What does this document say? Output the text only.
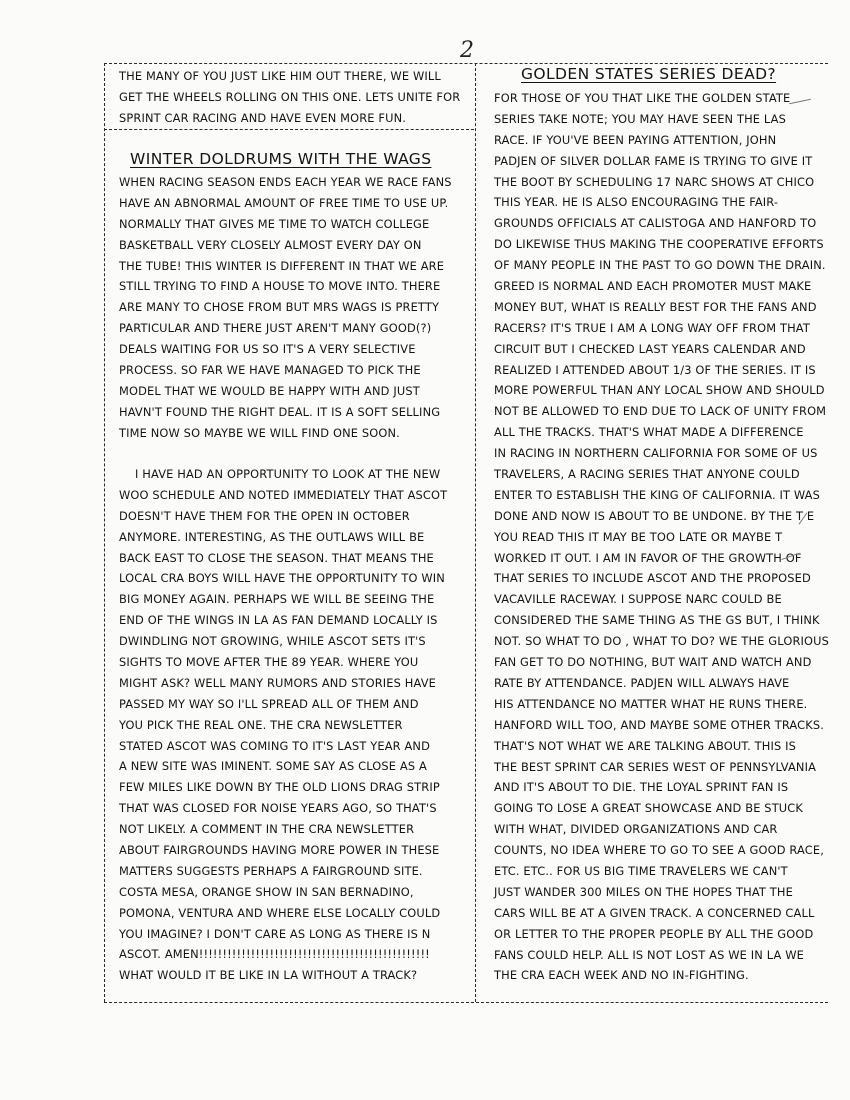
2
THE MANY OF YOU JUST LIKE HIM OUT THERE, WE WILL
GET THE WHEELS ROLLING ON THIS ONE. LETS UNITE FOR
SPRINT CAR RACING AND HAVE EVEN MORE FUN.
WINTER DOLDRUMS WITH THE WAGS
WHEN RACING SEASON ENDS EACH YEAR WE RACE FANS
HAVE AN ABNORMAL AMOUNT OF FREE TIME TO USE UP.
NORMALLY THAT GIVES ME TIME TO WATCH COLLEGE
BASKETBALL VERY CLOSELY ALMOST EVERY DAY ON
THE TUBE! THIS WINTER IS DIFFERENT IN THAT WE ARE
STILL TRYING TO FIND A HOUSE TO MOVE INTO. THERE
ARE MANY TO CHOSE FROM BUT MRS WAGS IS PRETTY
PARTICULAR AND THERE JUST AREN'T MANY GOOD(?)
DEALS WAITING FOR US SO IT'S A VERY SELECTIVE
PROCESS. SO FAR WE HAVE MANAGED TO PICK THE
MODEL THAT WE WOULD BE HAPPY WITH AND JUST
HAVN'T FOUND THE RIGHT DEAL. IT IS A SOFT SELLING
TIME NOW SO MAYBE WE WILL FIND ONE SOON.
I HAVE HAD AN OPPORTUNITY TO LOOK AT THE NEW
WOO SCHEDULE AND NOTED IMMEDIATELY THAT ASCOT
DOESN'T HAVE THEM FOR THE OPEN IN OCTOBER
ANYMORE. INTERESTING, AS THE OUTLAWS WILL BE
BACK EAST TO CLOSE THE SEASON. THAT MEANS THE
LOCAL CRA BOYS WILL HAVE THE OPPORTUNITY TO WIN
BIG MONEY AGAIN. PERHAPS WE WILL BE SEEING THE
END OF THE WINGS IN LA AS FAN DEMAND LOCALLY IS
DWINDLING NOT GROWING, WHILE ASCOT SETS IT'S
SIGHTS TO MOVE AFTER THE 89 YEAR. WHERE YOU
MIGHT ASK? WELL MANY RUMORS AND STORIES HAVE
PASSED MY WAY SO I'LL SPREAD ALL OF THEM AND
YOU PICK THE REAL ONE. THE CRA NEWSLETTER
STATED ASCOT WAS COMING TO IT'S LAST YEAR AND
A NEW SITE WAS IMINENT. SOME SAY AS CLOSE AS A
FEW MILES LIKE DOWN BY THE OLD LIONS DRAG STRIP
THAT WAS CLOSED FOR NOISE YEARS AGO, SO THAT'S
NOT LIKELY. A COMMENT IN THE CRA NEWSLETTER
ABOUT FAIRGROUNDS HAVING MORE POWER IN THESE
MATTERS SUGGESTS PERHAPS A FAIRGROUND SITE.
COSTA MESA, ORANGE SHOW IN SAN BERNADINO,
POMONA, VENTURA AND WHERE ELSE LOCALLY COULD
YOU IMAGINE? I DON'T CARE AS LONG AS THERE IS N
ASCOT. AMEN!!!!!!!!!!!!!!!!!!!!!!!!!!!!!!!!!!!!!!!!!!!!!!!!!
WHAT WOULD IT BE LIKE IN LA WITHOUT A TRACK?
GOLDEN STATES SERIES DEAD?
FOR THOSE OF YOU THAT LIKE THE GOLDEN STATE
SERIES TAKE NOTE; YOU MAY HAVE SEEN THE LAS
RACE. IF YOU'VE BEEN PAYING ATTENTION, JOHN
PADJEN OF SILVER DOLLAR FAME IS TRYING TO GIVE IT
THE BOOT BY SCHEDULING 17 NARC SHOWS AT CHICO
THIS YEAR. HE IS ALSO ENCOURAGING THE FAIR-
GROUNDS OFFICIALS AT CALISTOGA AND HANFORD TO
DO LIKEWISE THUS MAKING THE COOPERATIVE EFFORTS
OF MANY PEOPLE IN THE PAST TO GO DOWN THE DRAIN.
GREED IS NORMAL AND EACH PROMOTER MUST MAKE
MONEY BUT, WHAT IS REALLY BEST FOR THE FANS AND
RACERS? IT'S TRUE I AM A LONG WAY OFF FROM THAT
CIRCUIT BUT I CHECKED LAST YEARS CALENDAR AND
REALIZED I ATTENDED ABOUT 1/3 OF THE SERIES. IT IS
MORE POWERFUL THAN ANY LOCAL SHOW AND SHOULD
NOT BE ALLOWED TO END DUE TO LACK OF UNITY FROM
ALL THE TRACKS. THAT'S WHAT MADE A DIFFERENCE
IN RACING IN NORTHERN CALIFORNIA FOR SOME OF US
TRAVELERS, A RACING SERIES THAT ANYONE COULD
ENTER TO ESTABLISH THE KING OF CALIFORNIA. IT WAS
DONE AND NOW IS ABOUT TO BE UNDONE. BY THE T E
YOU READ THIS IT MAY BE TOO LATE OR MAYBE T
WORKED IT OUT. I AM IN FAVOR OF THE GROWTH OF
THAT SERIES TO INCLUDE ASCOT AND THE PROPOSED
VACAVILLE RACEWAY. I SUPPOSE NARC COULD BE
CONSIDERED THE SAME THING AS THE GS BUT, I THINK
NOT. SO WHAT TO DO , WHAT TO DO? WE THE GLORIOUS
FAN GET TO DO NOTHING, BUT WAIT AND WATCH AND
RATE BY ATTENDANCE. PADJEN WILL ALWAYS HAVE
HIS ATTENDANCE NO MATTER WHAT HE RUNS THERE.
HANFORD WILL TOO, AND MAYBE SOME OTHER TRACKS.
THAT'S NOT WHAT WE ARE TALKING ABOUT. THIS IS
THE BEST SPRINT CAR SERIES WEST OF PENNSYLVANIA
AND IT'S ABOUT TO DIE. THE LOYAL SPRINT FAN IS
GOING TO LOSE A GREAT SHOWCASE AND BE STUCK
WITH WHAT, DIVIDED ORGANIZATIONS AND CAR
COUNTS, NO IDEA WHERE TO GO TO SEE A GOOD RACE,
ETC. ETC.. FOR US BIG TIME TRAVELERS WE CAN'T
JUST WANDER 300 MILES ON THE HOPES THAT THE
CARS WILL BE AT A GIVEN TRACK. A CONCERNED CALL
OR LETTER TO THE PROPER PEOPLE BY ALL THE GOOD
FANS COULD HELP. ALL IS NOT LOST AS WE IN LA WE
THE CRA EACH WEEK AND NO IN-FIGHTING.
